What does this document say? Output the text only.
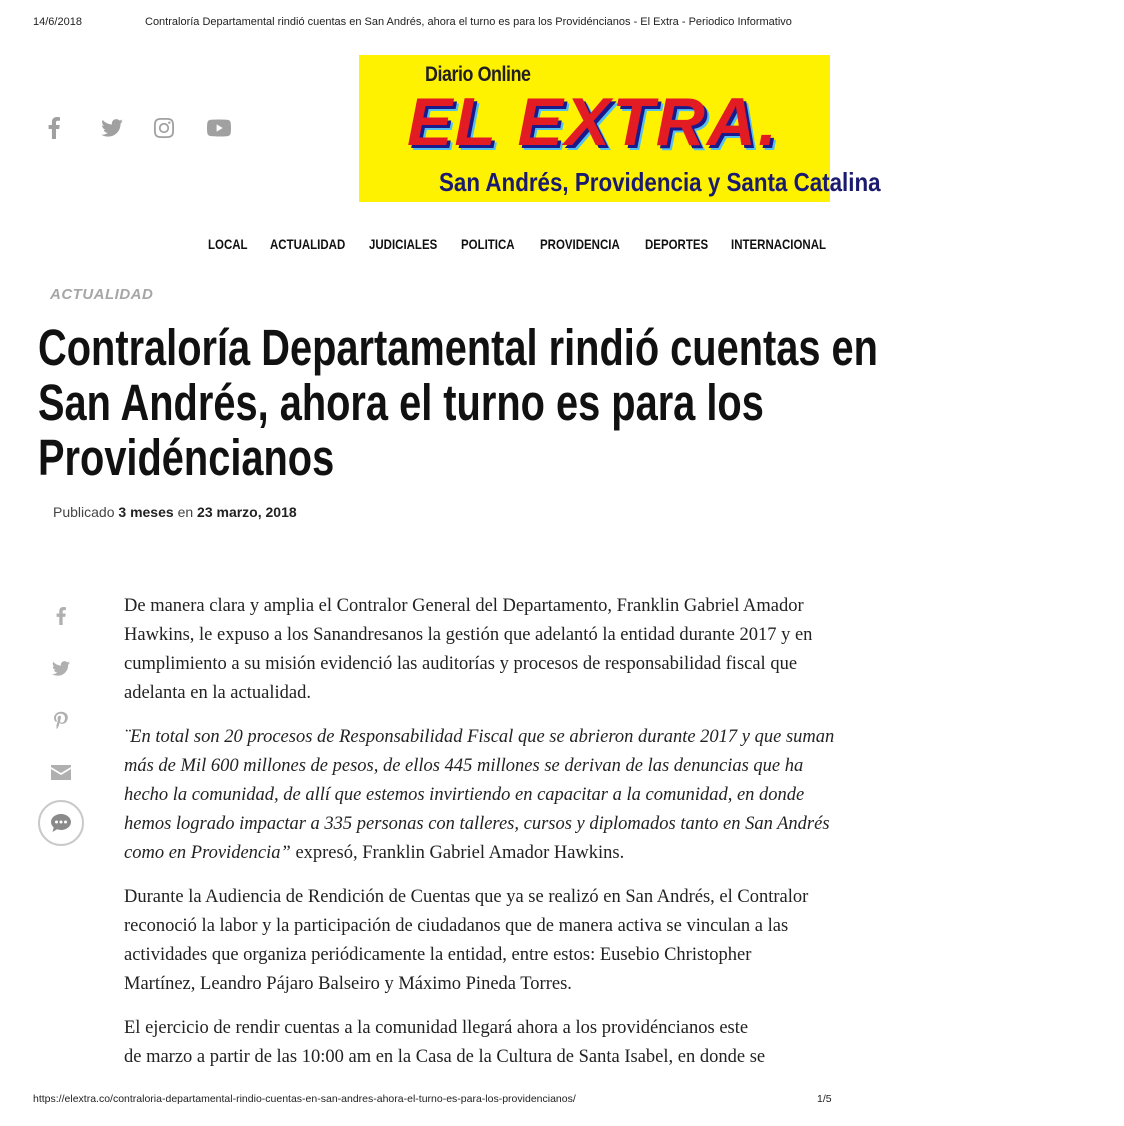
14/6/2018	Contraloría Departamental rindió cuentas en San Andrés, ahora el turno es para los Providéncianos - El Extra - Periodico Informativo
Diario Online
EL EXTRA.
San Andrés, Providencia y Santa Catalina
LOCAL ACTUALIDAD JUDICIALES POLITICA PROVIDENCIA DEPORTES INTERNACIONAL
ACTUALIDAD
Contraloría Departamental rindió cuentas en
San Andrés, ahora el turno es para los
Providéncianos
Publicado 3 meses en 23 marzo, 2018

De manera clara y amplia el Contralor General del Departamento, Franklin Gabriel Amador
Hawkins, le expuso a los Sanandresanos la gestión que adelantó la entidad durante 2017 y en
cumplimiento a su misión evidenció las auditorías y procesos de responsabilidad fiscal que
adelanta en la actualidad.

¨En total son 20 procesos de Responsabilidad Fiscal que se abrieron durante 2017 y que suman
más de Mil 600 millones de pesos, de ellos 445 millones se derivan de las denuncias que ha
hecho la comunidad, de allí que estemos invirtiendo en capacitar a la comunidad, en donde
hemos logrado impactar a 335 personas con talleres, cursos y diplomados tanto en San Andrés
como en Providencia” expresó, Franklin Gabriel Amador Hawkins.

Durante la Audiencia de Rendición de Cuentas que ya se realizó en San Andrés, el Contralor
reconoció la labor y la participación de ciudadanos que de manera activa se vinculan a las
actividades que organiza periódicamente la entidad, entre estos: Eusebio Christopher
Martínez, Leandro Pájaro Balseiro y Máximo Pineda Torres.

El ejercicio de rendir cuentas a la comunidad llegará ahora a los providéncianos este
de marzo a partir de las 10:00 am en la Casa de la Cultura de Santa Isabel, en donde se

https://elextra.co/contraloria-departamental-rindio-cuentas-en-san-andres-ahora-el-turno-es-para-los-providencianos/	1/5
